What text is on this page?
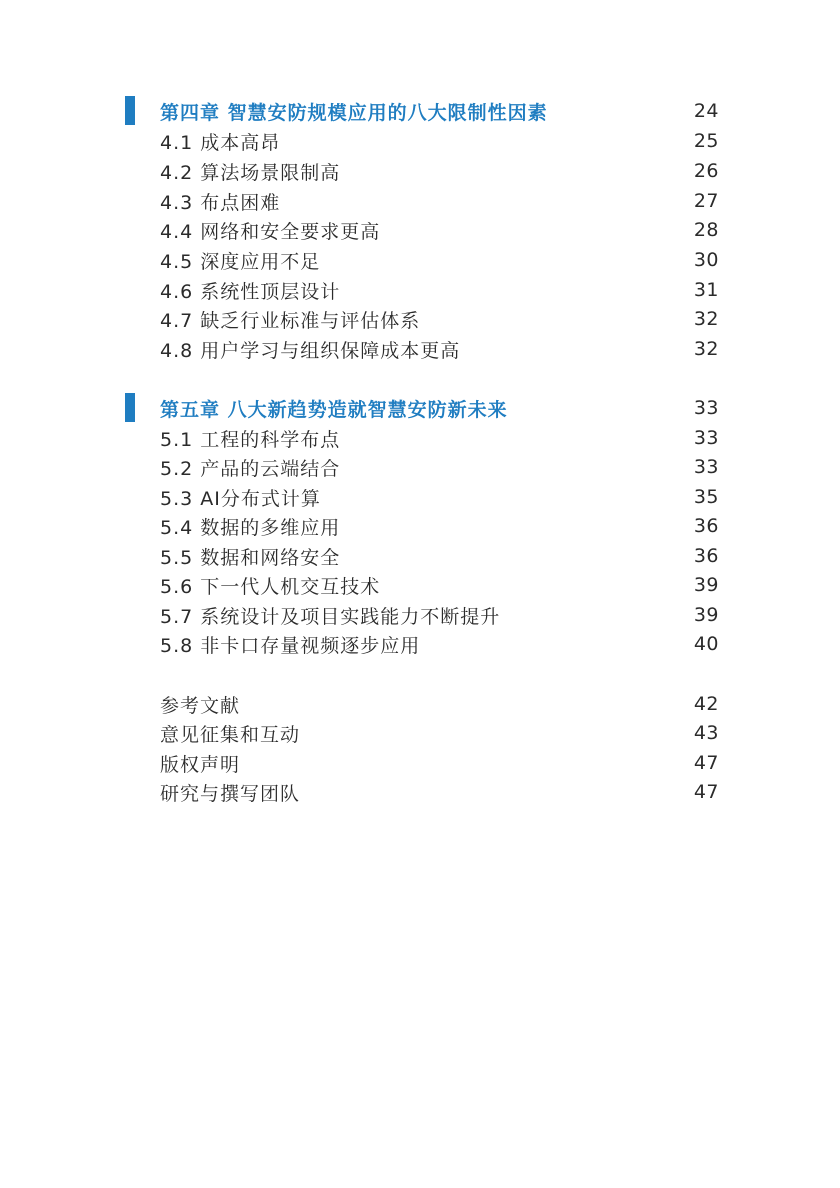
第四章 智慧安防规模应用的八大限制性因素	24
4.1 成本高昂	25
4.2 算法场景限制高	26
4.3 布点困难	27
4.4 网络和安全要求更高	28
4.5 深度应用不足	30
4.6 系统性顶层设计	31
4.7 缺乏行业标准与评估体系	32
4.8 用户学习与组织保障成本更高	32
第五章 八大新趋势造就智慧安防新未来	33
5.1 工程的科学布点	33
5.2 产品的云端结合	33
5.3 AI分布式计算	35
5.4 数据的多维应用	36
5.5 数据和网络安全	36
5.6 下一代人机交互技术	39
5.7 系统设计及项目实践能力不断提升	39
5.8 非卡口存量视频逐步应用	40
参考文献	42
意见征集和互动	43
版权声明	47
研究与撰写团队	47
